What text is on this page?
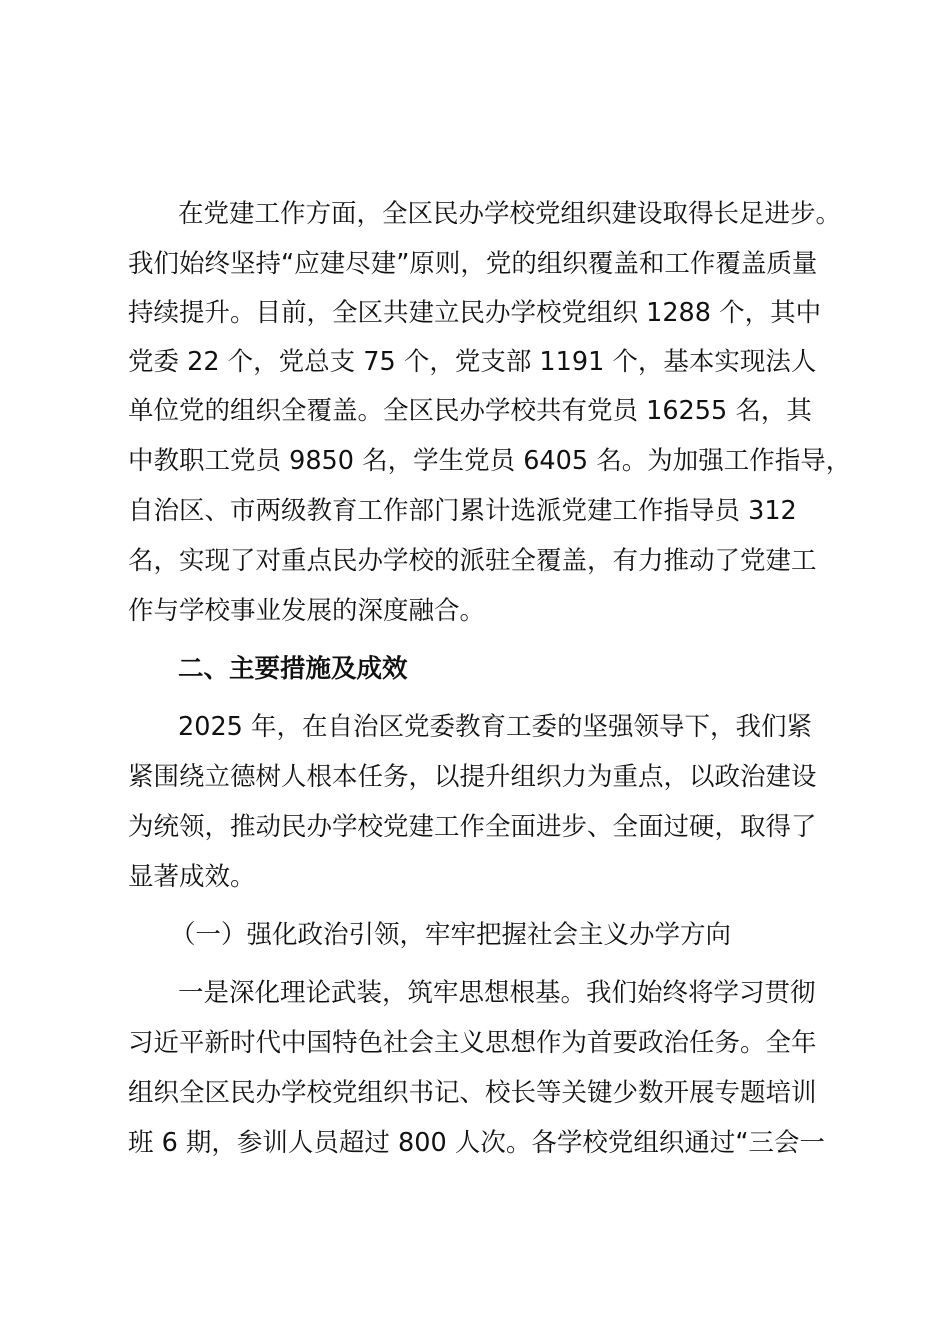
在党建工作方面，全区民办学校党组织建设取得长足进步。
我们始终坚持“应建尽建”原则，党的组织覆盖和工作覆盖质量
持续提升。目前，全区共建立民办学校党组织 1288 个，其中
党委 22 个，党总支 75 个，党支部 1191 个，基本实现法人
单位党的组织全覆盖。全区民办学校共有党员 16255 名，其
中教职工党员 9850 名，学生党员 6405 名。为加强工作指导，
自治区、市两级教育工作部门累计选派党建工作指导员 312
名，实现了对重点民办学校的派驻全覆盖，有力推动了党建工
作与学校事业发展的深度融合。
二、主要措施及成效
2025 年，在自治区党委教育工委的坚强领导下，我们紧
紧围绕立德树人根本任务，以提升组织力为重点，以政治建设
为统领，推动民办学校党建工作全面进步、全面过硬，取得了
显著成效。
（一）强化政治引领，牢牢把握社会主义办学方向
一是深化理论武装，筑牢思想根基。我们始终将学习贯彻
习近平新时代中国特色社会主义思想作为首要政治任务。全年
组织全区民办学校党组织书记、校长等关键少数开展专题培训
班 6 期，参训人员超过 800 人次。各学校党组织通过“三会一
